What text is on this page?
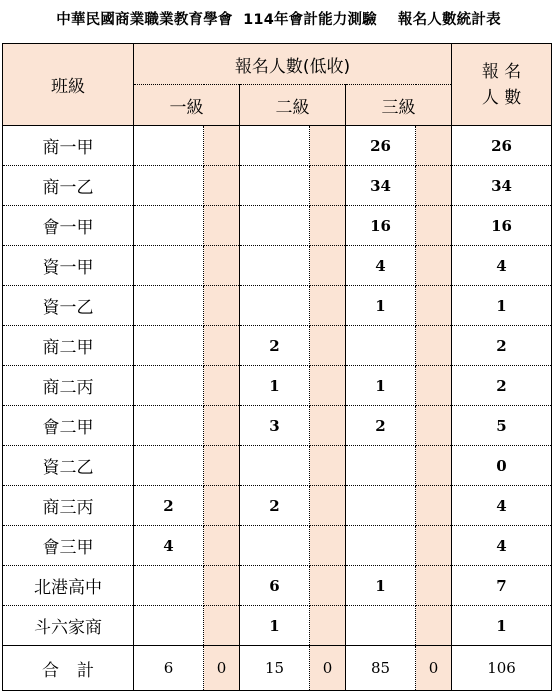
中華民國商業職業教育學會  114年會計能力測驗    報名人數統計表
班級	報名人數(低收)						報 名
人 數

	一級		二級		三級		
商一甲					26		26
商一乙					34		34
會一甲					16		16
資一甲					4		4
資一乙					1		1
商二甲			2				2
商二丙			1		1		2
會二甲			3		2		5
資二乙							0
商三丙	2		2				4
會三甲	4						4
北港高中			6		1		7
斗六家商			1				1
合計	6	0	15	0	85	0	106
